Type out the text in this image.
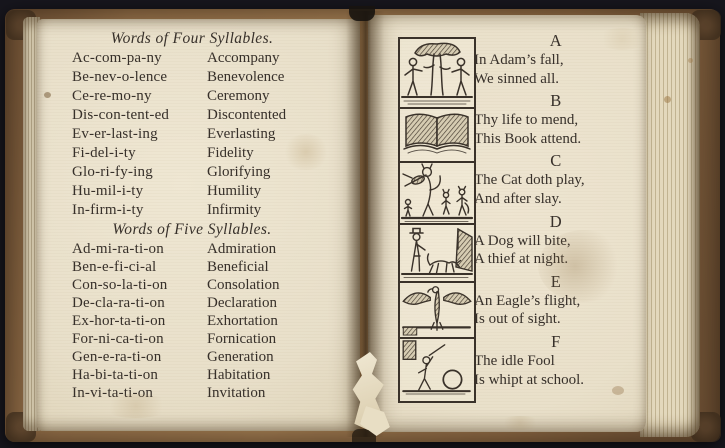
Words of Four Syllables.
Ac-com-pa-ny	Accompany
Be-nev-o-lence	Benevolence
Ce-re-mo-ny	Ceremony
Dis-con-tent-ed	Discontented
Ev-er-last-ing	Everlasting
Fi-del-i-ty	Fidelity
Glo-ri-fy-ing	Glorifying
Hu-mil-i-ty	Humility
In-firm-i-ty	Infirmity
Words of Five Syllables.
Ad-mi-ra-ti-on	Admiration
Ben-e-fi-ci-al	Beneficial
Con-so-la-ti-on	Consolation
De-cla-ra-ti-on	Declaration
Ex-hor-ta-ti-on	Exhortation
For-ni-ca-ti-on	Fornication
Gen-e-ra-ti-on	Generation
Ha-bi-ta-ti-on	Habitation
In-vi-ta-ti-on	Invitation
A
In Adam’s fall,
We sinned all.
B
Thy life to mend,
This Book attend.
C
The Cat doth play,
And after slay.
D
A Dog will bite,
A thief at night.
E
An Eagle’s flight,
Is out of sight.
F
The idle Fool
Is whipt at school.
